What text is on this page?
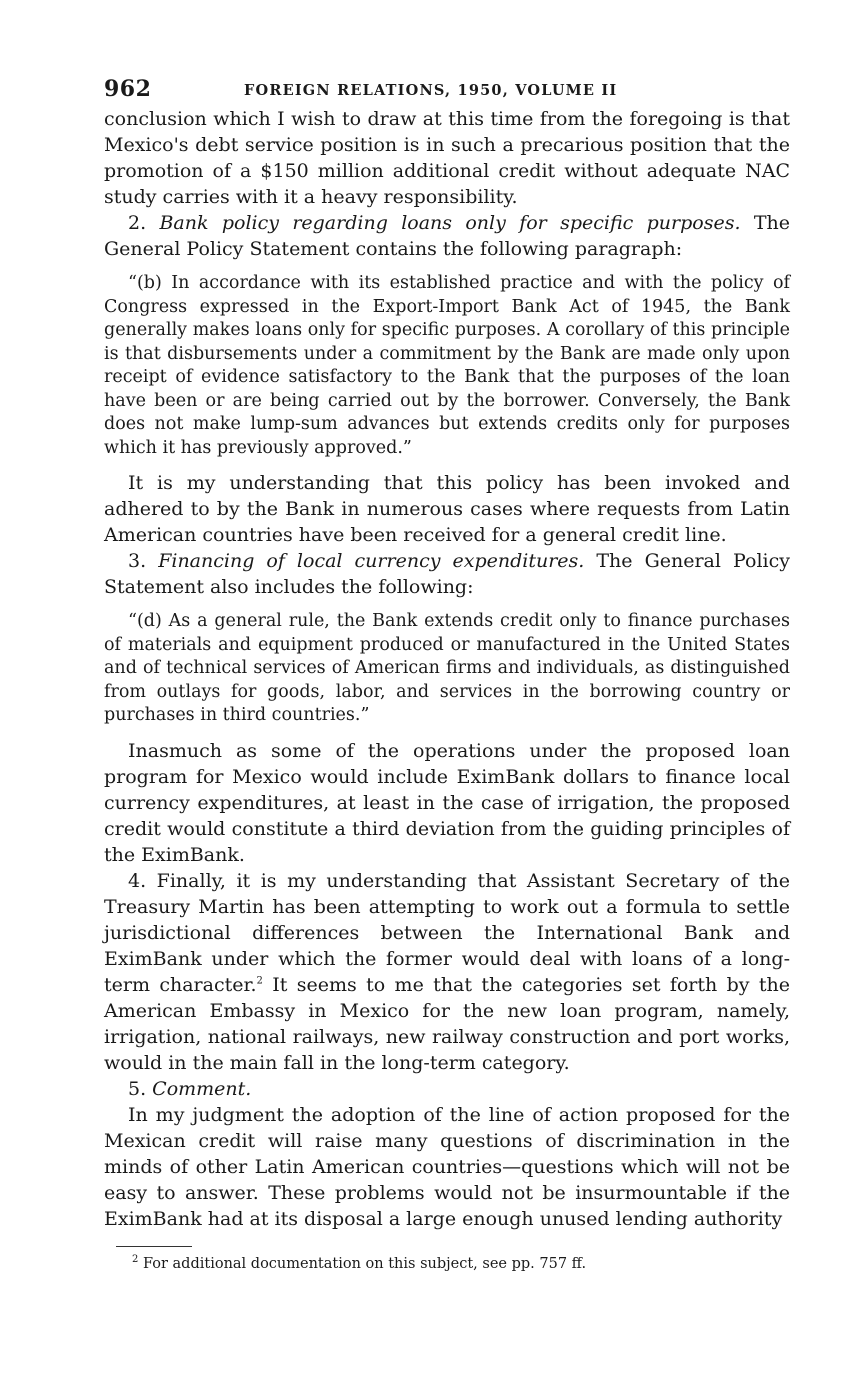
962	FOREIGN RELATIONS, 1950, VOLUME II

conclusion which I wish to draw at this time from the foregoing is that Mexico's debt service position is in such a precarious position that the promotion of a $150 million additional credit without adequate NAC study carries with it a heavy responsibility.

2. Bank policy regarding loans only for specific purposes. The General Policy Statement contains the following paragraph:

“(b) In accordance with its established practice and with the policy of Congress expressed in the Export-Import Bank Act of 1945, the Bank generally makes loans only for specific purposes. A corollary of this principle is that disbursements under a commitment by the Bank are made only upon receipt of evidence satisfactory to the Bank that the purposes of the loan have been or are being carried out by the borrower. Conversely, the Bank does not make lump-sum advances but extends credits only for purposes which it has previously approved.”

It is my understanding that this policy has been invoked and adhered to by the Bank in numerous cases where requests from Latin American countries have been received for a general credit line.

3. Financing of local currency expenditures. The General Policy Statement also includes the following:

“(d) As a general rule, the Bank extends credit only to finance purchases of materials and equipment produced or manufactured in the United States and of technical services of American firms and individuals, as distinguished from outlays for goods, labor, and services in the borrowing country or purchases in third countries.”

Inasmuch as some of the operations under the proposed loan program for Mexico would include EximBank dollars to finance local currency expenditures, at least in the case of irrigation, the proposed credit would constitute a third deviation from the guiding principles of the EximBank.

4. Finally, it is my understanding that Assistant Secretary of the Treasury Martin has been attempting to work out a formula to settle jurisdictional differences between the International Bank and EximBank under which the former would deal with loans of a long-term character.$^2$ It seems to me that the categories set forth by the American Embassy in Mexico for the new loan program, namely, irrigation, national railways, new railway construction and port works, would in the main fall in the long-term category.

5. Comment.

In my judgment the adoption of the line of action proposed for the Mexican credit will raise many questions of discrimination in the minds of other Latin American countries—questions which will not be easy to answer. These problems would not be insurmountable if the EximBank had at its disposal a large enough unused lending authority

$^2$ For additional documentation on this subject, see pp. 757 ff.
